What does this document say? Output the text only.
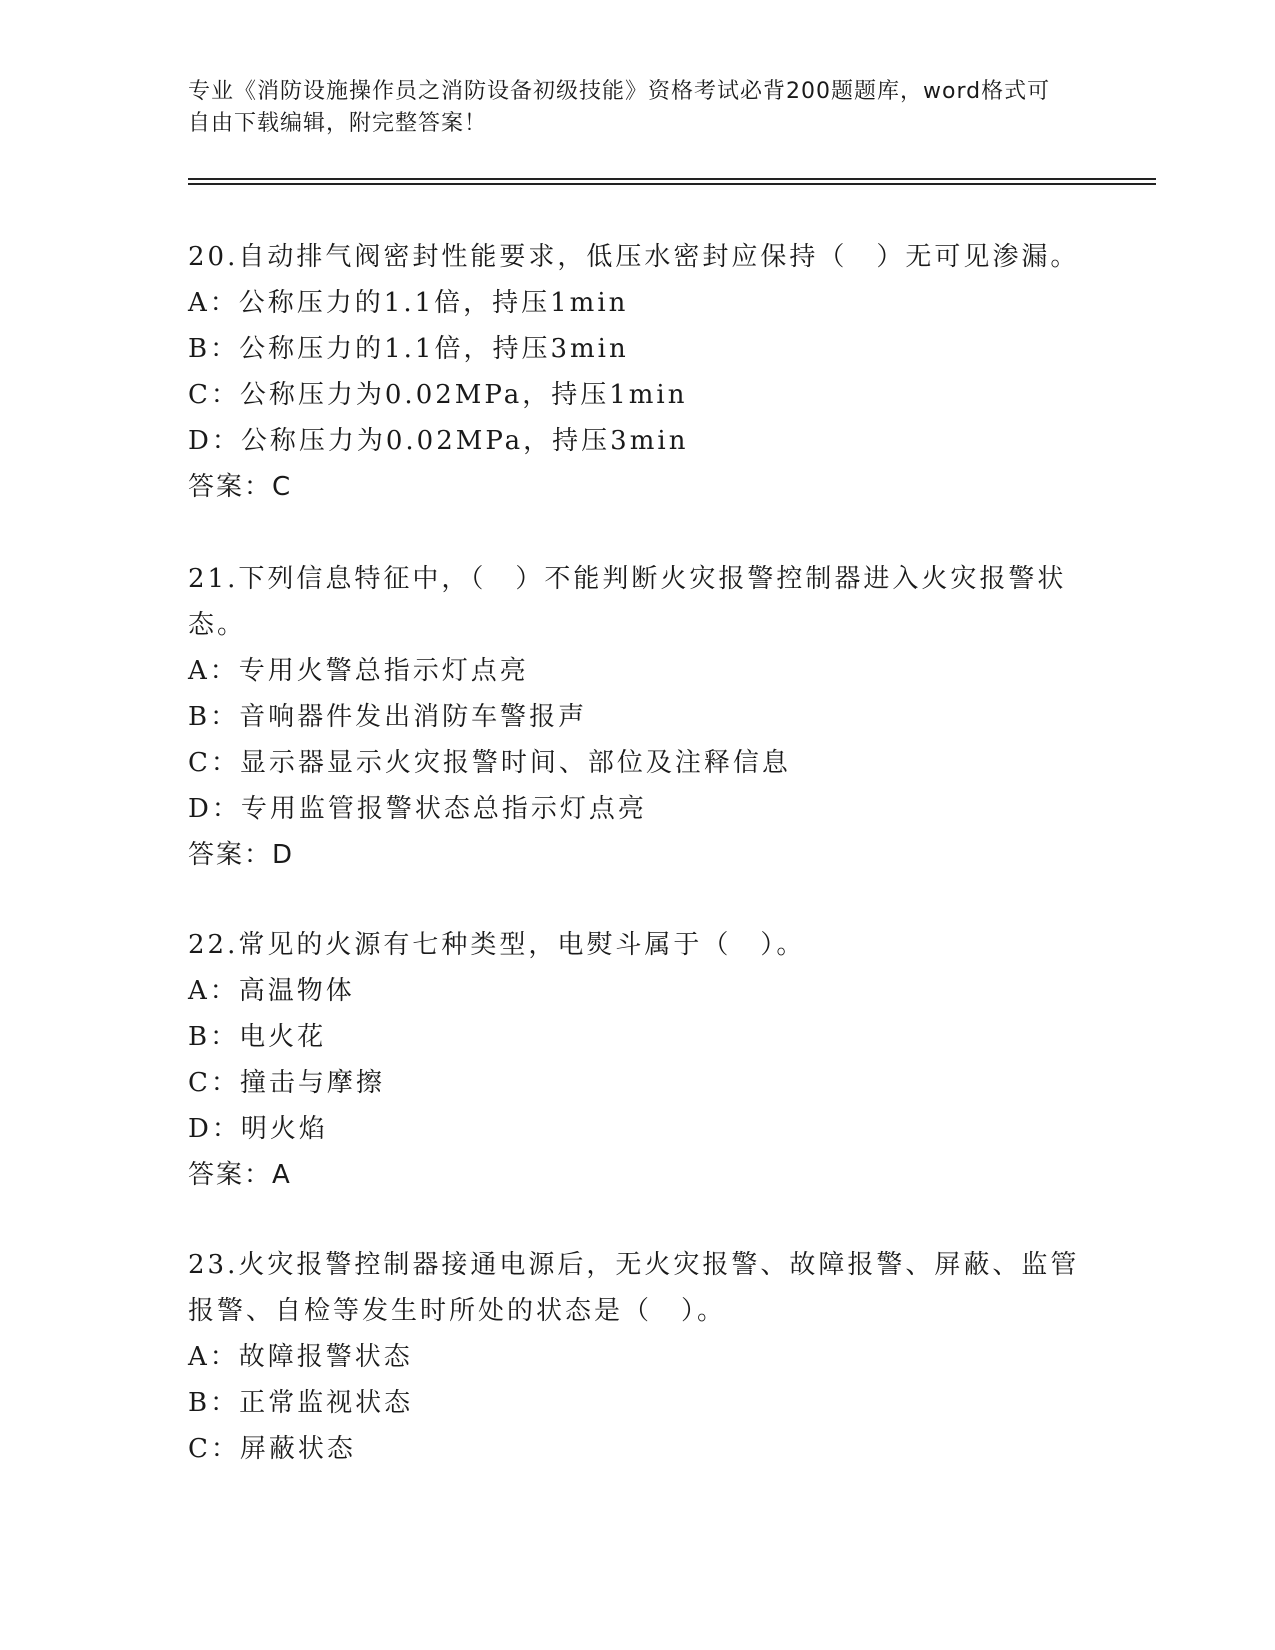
专业《消防设施操作员之消防设备初级技能》资格考试必背200题题库，word格式可自由下载编辑，附完整答案！

20.自动排气阀密封性能要求，低压水密封应保持（　）无可见渗漏。

A：公称压力的1.1倍，持压1min

B：公称压力的1.1倍，持压3min

C：公称压力为0.02MPa，持压1min

D：公称压力为0.02MPa，持压3min

答案：C

21.下列信息特征中，（　）不能判断火灾报警控制器进入火灾报警状态。

A：专用火警总指示灯点亮

B：音响器件发出消防车警报声

C：显示器显示火灾报警时间、部位及注释信息

D：专用监管报警状态总指示灯点亮

答案：D

22.常见的火源有七种类型，电熨斗属于（　）。

A：高温物体

B：电火花

C：撞击与摩擦

D：明火焰

答案：A

23.火灾报警控制器接通电源后，无火灾报警、故障报警、屏蔽、监管报警、自检等发生时所处的状态是（　）。

A：故障报警状态

B：正常监视状态

C：屏蔽状态
